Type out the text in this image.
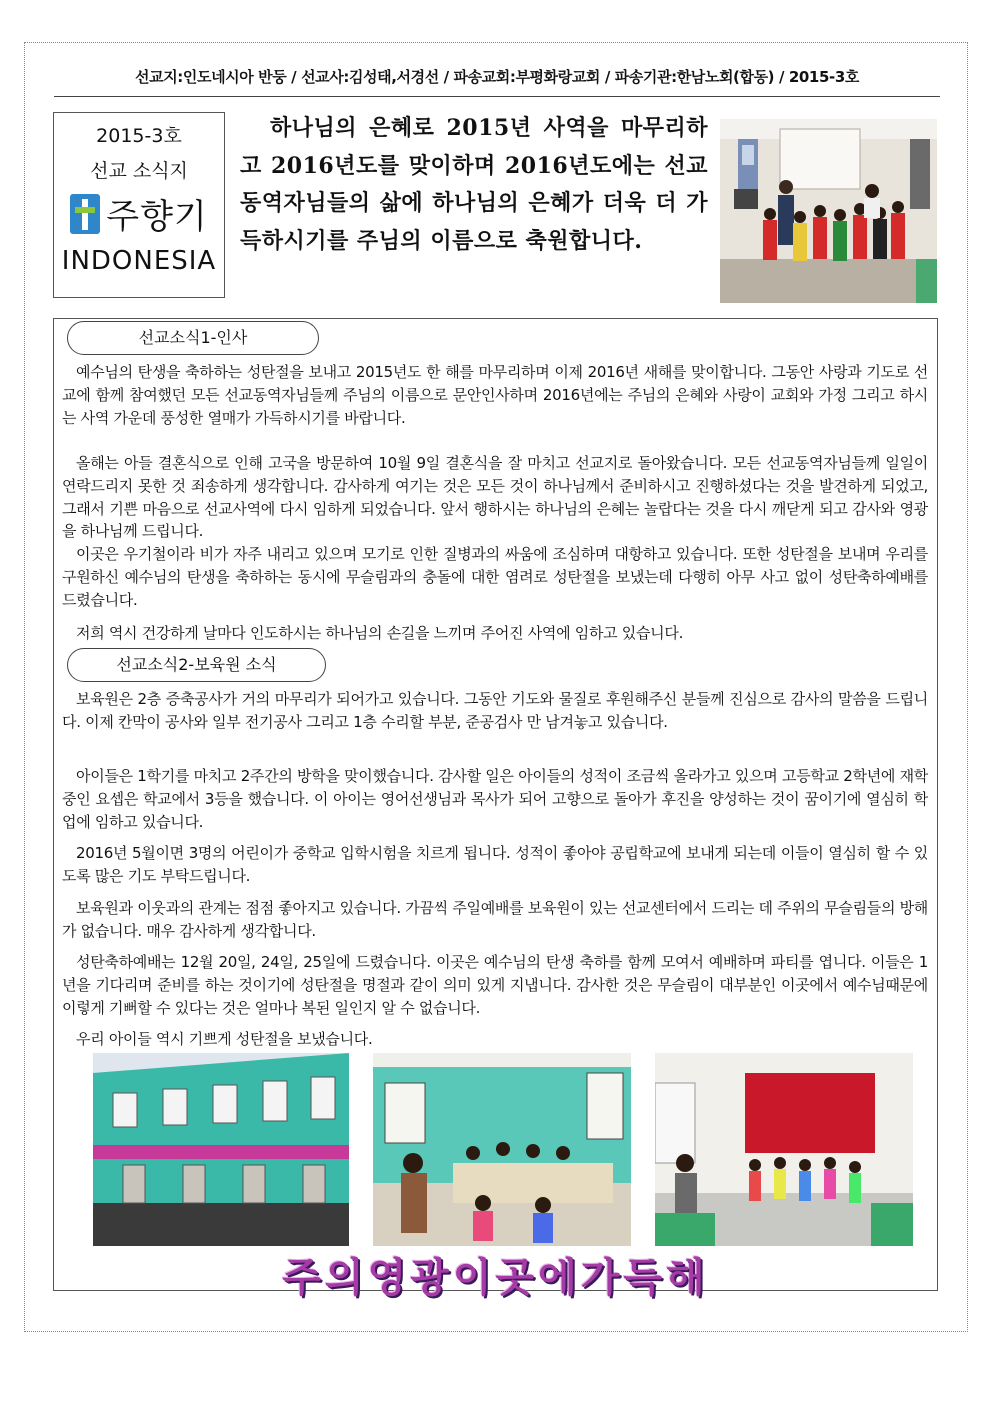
선교지:인도네시아 반둥 / 선교사:김성태,서경선 / 파송교회:부평화랑교회 / 파송기관:한남노회(합동) / 2015-3호
2015-3호
선교 소식지
주향기
INDONESIA
하나님의 은혜로 2015년 사역을 마무리하고 2016년도를 맞이하며 2016년도에는 선교동역자님들의 삶에 하나님의 은혜가 더욱 더 가득하시기를 주님의 이름으로 축원합니다.
선교소식1-인사
예수님의 탄생을 축하하는 성탄절을 보내고 2015년도 한 해를 마무리하며 이제 2016년 새해를 맞이합니다. 그동안 사랑과 기도로 선교에 함께 참여했던 모든 선교동역자님들께 주님의 이름으로 문안인사하며 2016년에는 주님의 은혜와 사랑이 교회와 가정 그리고 하시는 사역 가운데 풍성한 열매가 가득하시기를 바랍니다.
올해는 아들 결혼식으로 인해 고국을 방문하여 10월 9일 결혼식을 잘 마치고 선교지로 돌아왔습니다. 모든 선교동역자님들께 일일이 연락드리지 못한 것 죄송하게 생각합니다. 감사하게 여기는 것은 모든 것이 하나님께서 준비하시고 진행하셨다는 것을 발견하게 되었고, 그래서 기쁜 마음으로 선교사역에 다시 임하게 되었습니다. 앞서 행하시는 하나님의 은혜는 놀랍다는 것을 다시 깨닫게 되고 감사와 영광을 하나님께 드립니다.
이곳은 우기철이라 비가 자주 내리고 있으며 모기로 인한 질병과의 싸움에 조심하며 대항하고 있습니다. 또한 성탄절을 보내며 우리를 구원하신 예수님의 탄생을 축하하는 동시에 무슬림과의 충돌에 대한 염려로 성탄절을 보냈는데 다행히 아무 사고 없이 성탄축하예배를 드렸습니다.
저희 역시 건강하게 날마다 인도하시는 하나님의 손길을 느끼며 주어진 사역에 임하고 있습니다.
선교소식2-보육원 소식
보육원은 2층 증축공사가 거의 마무리가 되어가고 있습니다. 그동안 기도와 물질로 후원해주신 분들께 진심으로 감사의 말씀을 드립니다. 이제 칸막이 공사와 일부 전기공사 그리고 1층 수리할 부분, 준공검사 만 남겨놓고 있습니다.
아이들은 1학기를 마치고 2주간의 방학을 맞이했습니다. 감사할 일은 아이들의 성적이 조금씩 올라가고 있으며 고등학교 2학년에 재학 중인 요셉은 학교에서 3등을 했습니다. 이 아이는 영어선생님과 목사가 되어 고향으로 돌아가 후진을 양성하는 것이 꿈이기에 열심히 학업에 임하고 있습니다.
2016년 5월이면 3명의 어린이가 중학교 입학시험을 치르게 됩니다. 성적이 좋아야 공립학교에 보내게 되는데 이들이 열심히 할 수 있도록 많은 기도 부탁드립니다.
보육원과 이웃과의 관계는 점점 좋아지고 있습니다. 가끔씩 주일예배를 보육원이 있는 선교센터에서 드리는 데 주위의 무슬림들의 방해가 없습니다. 매우 감사하게 생각합니다.
성탄축하예배는 12월 20일, 24일, 25일에 드렸습니다. 이곳은 예수님의 탄생 축하를 함께 모여서 예배하며 파티를 엽니다. 이들은 1년을 기다리며 준비를 하는 것이기에 성탄절을 명절과 같이 의미 있게 지냅니다. 감사한 것은 무슬림이 대부분인 이곳에서 예수님때문에 이렇게 기뻐할 수 있다는 것은 얼마나 복된 일인지 알 수 없습니다.
우리 아이들 역시 기쁘게 성탄절을 보냈습니다.
주의영광이곳에가득해
